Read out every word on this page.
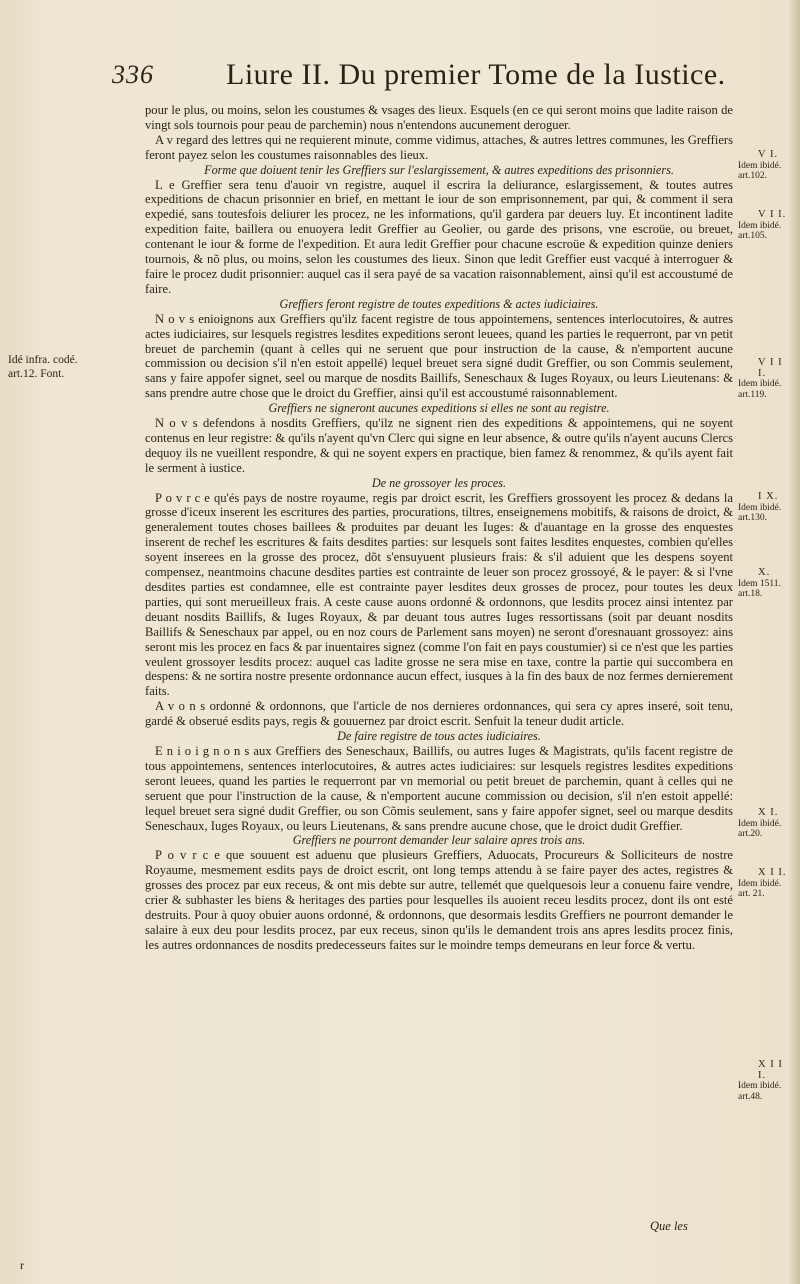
336 Liure II. Du premier Tome de la Iustice.

pour le plus, ou moins, selon les coustumes & vsages des lieux. Esquels (en ce qui seront moins que ladite raison de vingt sols tournois pour peau de parchemin) nous n'entendons aucunement deroguer.

A v regard des lettres qui ne requierent minute, comme vidimus, attaches, & autres lettres communes, les Greffiers feront payez selon les coustumes raisonnables des lieux.

Forme que doiuent tenir les Greffiers sur l'eslargissement, & autres expeditions des prisonniers.

L e Greffier sera tenu d'auoir vn registre, auquel il escrira la deliurance, eslargissement, & toutes autres expeditions de chacun prisonnier en brief, en mettant le iour de son emprisonnement, par qui, & comment il sera expedié, sans toutesfois deliurer les procez, ne les informations, qu'il gardera par deuers luy. Et incontinent ladite expedition faite, baillera ou enuoyera ledit Greffier au Geolier, ou garde des prisons, vne escroüe, ou breuet, contenant le iour & forme de l'expedition. Et aura ledit Greffier pour chacune escroüe & expedition quinze deniers tournois, & nõ plus, ou moins, selon les coustumes des lieux. Sinon que ledit Greffier eust vacqué à interroguer & faire le procez dudit prisonnier: auquel cas il sera payé de sa vacation raisonnablement, ainsi qu'il est accoustumé de faire.

Greffiers feront registre de toutes expeditions & actes iudiciaires.

N o v s enioignons aux Greffiers qu'ilz facent registre de tous appointemens, sentences interlocutoires, & autres actes iudiciaires, sur lesquels registres lesdites expeditions seront leuees, quand les parties le requerront, par vn petit breuet de parchemin (quant à celles qui ne seruent que pour instruction de la cause, & n'emportent aucune commission ou decision s'il n'en estoit appellé) lequel breuet sera signé dudit Greffier, ou son Commis seulement, sans y faire appofer signet, seel ou marque de nosdits Baillifs, Seneschaux & Iuges Royaux, ou leurs Lieutenans: & sans prendre autre chose que le droict du Greffier, ainsi qu'il est accoustumé raisonnablement.

Greffiers ne signeront aucunes expeditions si elles ne sont au registre.

N o v s defendons à nosdits Greffiers, qu'ilz ne signent rien des expeditions & appointemens, qui ne soyent contenus en leur registre: & qu'ils n'ayent qu'vn Clerc qui signe en leur absence, & outre qu'ils n'ayent aucuns Clercs dequoy ils ne vueillent respondre, & qui ne soyent expers en practique, bien famez & renommez, & qu'ils ayent fait le serment à iustice.

De ne grossoyer les proces.

P o v r c e qu'és pays de nostre royaume, regis par droict escrit, les Greffiers grossoyent les procez & dedans la grosse d'iceux inserent les escritures des parties, procurations, tiltres, enseignemens mobitifs, & raisons de droict, & generalement toutes choses baillees & produites par deuant les Iuges: & d'auantage en la grosse des enquestes inserent de rechef les escritures & faits desdites parties: sur lesquels sont faites lesdites enquestes, combien qu'elles soyent inserees en la grosse des procez, dõt s'ensuyuent plusieurs frais: & s'il aduient que les despens soyent compensez, neantmoins chacune desdites parties est contrainte de leuer son procez grossoyé, & le payer: & si l'vne desdites parties est condamnee, elle est contrainte payer lesdites deux grosses de procez, pour toutes les deux parties, qui sont merueilleux frais. A ceste cause auons ordonné & ordonnons, que lesdits procez ainsi intentez par deuant nosdits Baillifs, & Iuges Royaux, & par deuant tous autres Iuges ressortissans (soit par deuant nosdits Baillifs & Seneschaux par appel, ou en noz cours de Parlement sans moyen) ne seront d'oresnauant grossoyez: ains seront mis les procez en facs & par inuentaires signez (comme l'on fait en pays coustumier) si ce n'est que les parties veulent grossoyer lesdits procez: auquel cas ladite grosse ne sera mise en taxe, contre la partie qui succombera en despens: & ne sortira nostre presente ordonnance aucun effect, iusques à la fin des baux de noz fermes dernierement faits.

A v o n s ordonné & ordonnons, que l'article de nos dernieres ordonnances, qui sera cy apres inseré, soit tenu, gardé & obserué esdits pays, regis & gouuernez par droict escrit. Senfuit la teneur dudit article.

De faire registre de tous actes iudiciaires.

E n i o i g n o n s aux Greffiers des Seneschaux, Baillifs, ou autres Iuges & Magistrats, qu'ils facent registre de tous appointemens, sentences interlocutoires, & autres actes iudiciaires: sur lesquels registres lesdites expeditions seront leuees, quand les parties le requerront par vn memorial ou petit breuet de parchemin, quant à celles qui ne seruent que pour l'instruction de la cause, & n'emportent aucune commission ou decision, s'il n'en estoit appellé: lequel breuet sera signé dudit Greffier, ou son Cõmis seulement, sans y faire appofer signet, seel ou marque desdits Seneschaux, Iuges Royaux, ou leurs Lieutenans, & sans prendre aucune chose, que le droict dudit Greffier.

Greffiers ne pourront demander leur salaire apres trois ans.

P o v r c e que souuent est aduenu que plusieurs Greffiers, Aduocats, Procureurs & Solliciteurs de nostre Royaume, mesmement esdits pays de droict escrit, ont long temps attendu à se faire payer des actes, registres & grosses des procez par eux receus, & ont mis debte sur autre, tellemét que quelquesois leur a conuenu faire vendre, crier & subhaster les biens & heritages des parties pour lesquelles ils auoient receu lesdits procez, dont ils ont esté destruits. Pour à quoy obuier auons ordonné, & ordonnons, que desormais lesdits Greffiers ne pourront demander le salaire à eux deu pour lesdits procez, par eux receus, sinon qu'ils le demandent trois ans apres lesdits procez finis, les autres ordonnances de nosdits predecesseurs faites sur le moindre temps demeurans en leur force & vertu.

Idé infra. codé.
art.12. Font.
V I.
Idem ibidé. art.102.
V I I.
Idem ibidé. art.105.
V I I I.
Idem ibidé. art.119.
I X.
Idem ibidé. art.130.
X.
Idem 1511. art.18.
X I.
Idem ibidé. art.20.
X I I.
Idem ibidé. art. 21.
X I I I.
Idem ibidé. art.48.
Que les
r
